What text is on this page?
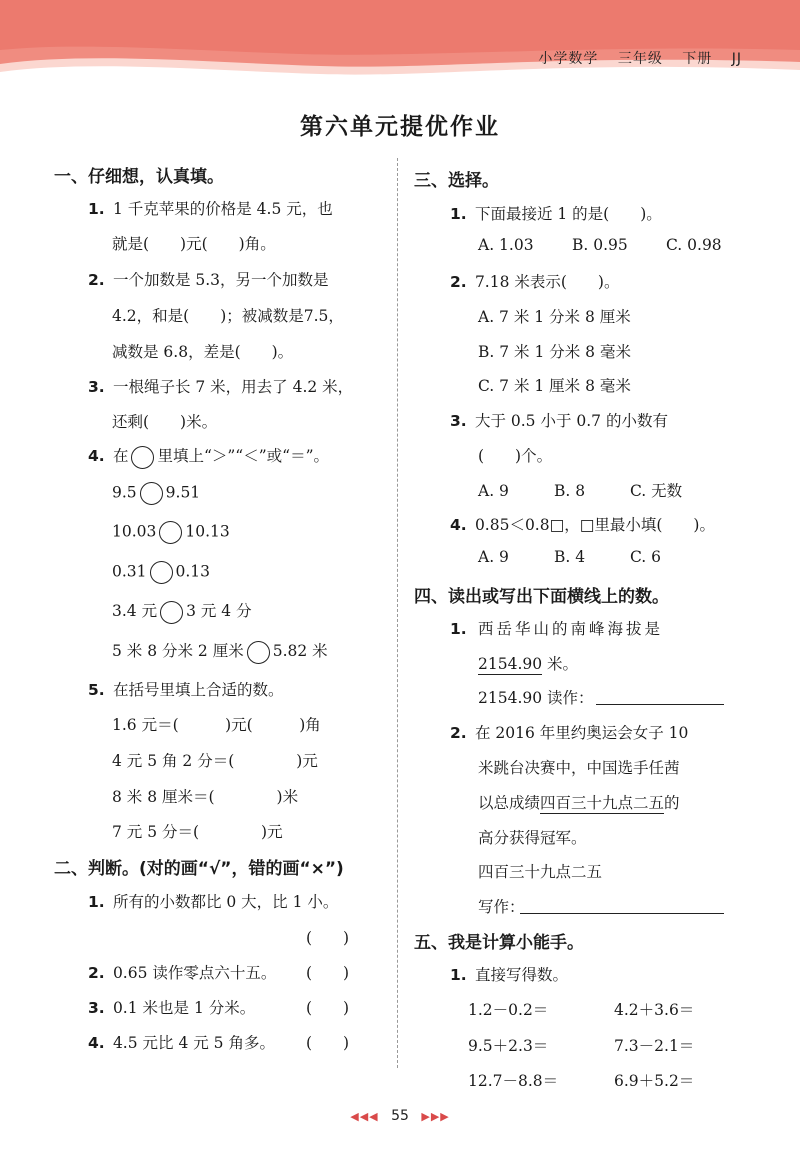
小学数学 三年级 下册 JJ
第六单元提优作业
一、仔细想，认真填。
1. 1 千克苹果的价格是 4.5 元，也
就是(　　)元(　　)角。
2. 一个加数是 5.3，另一个加数是
4.2，和是(　　)；被减数是7.5，
减数是 6.8，差是(　　)。
3. 一根绳子长 7 米，用去了 4.2 米，
还剩(　　)米。
4. 在 里填上“＞”“＜”或“＝”。
9.5 9.51
10.03 10.13
0.31 0.13
3.4 元 3 元 4 分
5 米 8 分米 2 厘米 5.82 米
5. 在括号里填上合适的数。
1.6 元＝(　　　)元(　　　)角
4 元 5 角 2 分＝(　　　　)元
8 米 8 厘米＝(　　　　)米
7 元 5 分＝(　　　　)元
二、判断。(对的画“√”，错的画“×”)
1. 所有的小数都比 0 大，比 1 小。
(　　)
2. 0.65 读作零点六十五。 (　　)
3. 0.1 米也是 1 分米。	(　　)
4. 4.5 元比 4 元 5 角多。 (　　)
三、选择。
1. 下面最接近 1 的是(　　)。
A. 1.03 B. 0.95 C. 0.98
2. 7.18 米表示(　　)。
A. 7 米 1 分米 8 厘米
B. 7 米 1 分米 8 毫米
C. 7 米 1 厘米 8 毫米
3. 大于 0.5 小于 0.7 的小数有
(　　)个。
A. 9	B. 8	C. 无数
4. 0.85＜0.8□，□里最小填(　　)。
A. 9	B. 4	C. 6
四、读出或写出下面横线上的数。
1. 西岳华山的南峰海拔是
2154.90 米。
2154.90 读作：
2. 在 2016 年里约奥运会女子 10
米跳台决赛中，中国选手任茜
以总成绩四百三十九点二五的
高分获得冠军。
四百三十九点二五
写作：
五、我是计算小能手。
1. 直接写得数。
1.2－0.2＝	4.2＋3.6＝
9.5＋2.3＝	7.3－2.1＝
12.7－8.8＝	6.9＋5.2＝
◀◀◀ 55 ▶▶▶
